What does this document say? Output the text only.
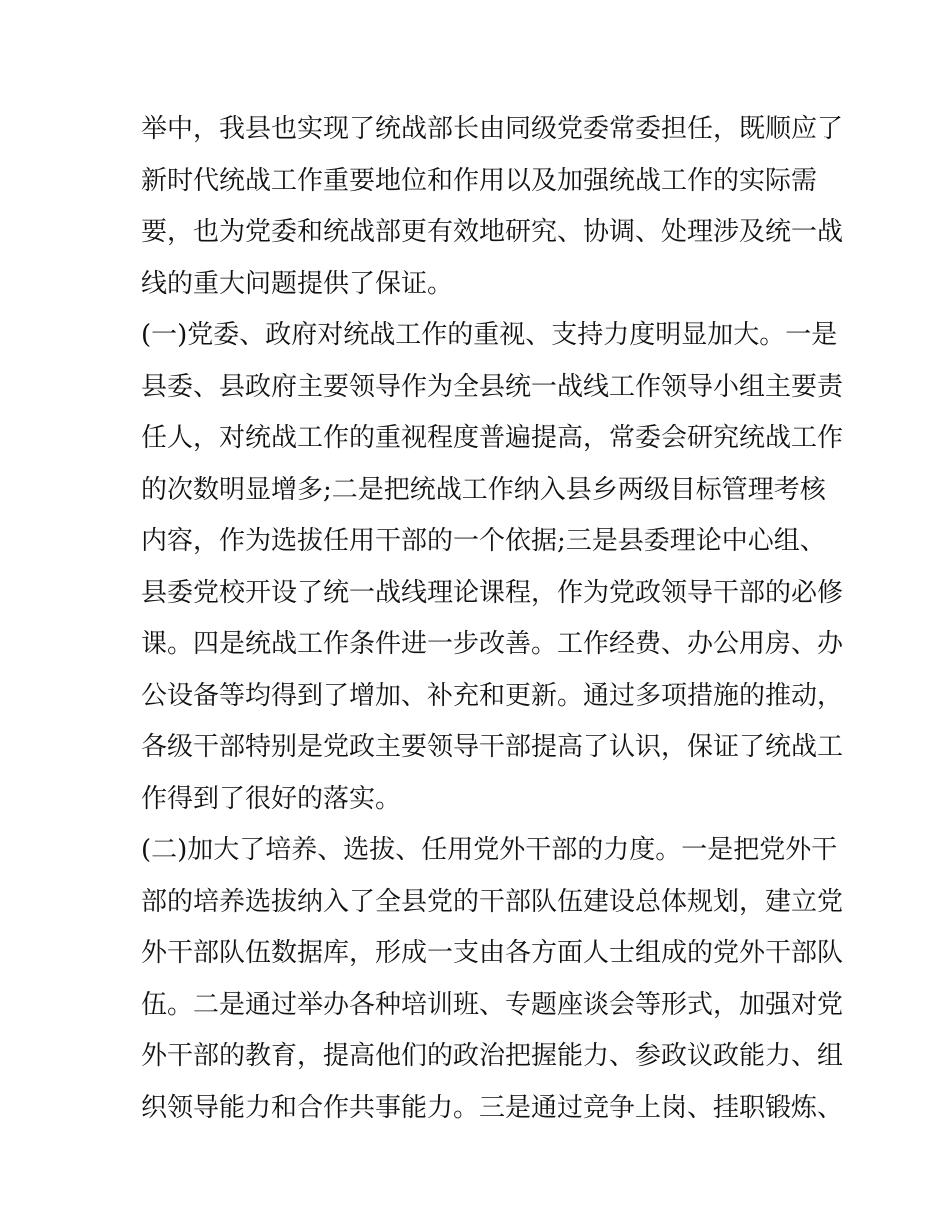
举中，我县也实现了统战部长由同级党委常委担任，既顺应了
新时代统战工作重要地位和作用以及加强统战工作的实际需
要，也为党委和统战部更有效地研究、协调、处理涉及统一战
线的重大问题提供了保证。
(一)党委、政府对统战工作的重视、支持力度明显加大。一是
县委、县政府主要领导作为全县统一战线工作领导小组主要责
任人，对统战工作的重视程度普遍提高，常委会研究统战工作
的次数明显增多;二是把统战工作纳入县乡两级目标管理考核
内容，作为选拔任用干部的一个依据;三是县委理论中心组、
县委党校开设了统一战线理论课程，作为党政领导干部的必修
课。四是统战工作条件进一步改善。工作经费、办公用房、办
公设备等均得到了增加、补充和更新。通过多项措施的推动，
各级干部特别是党政主要领导干部提高了认识，保证了统战工
作得到了很好的落实。
(二)加大了培养、选拔、任用党外干部的力度。一是把党外干
部的培养选拔纳入了全县党的干部队伍建设总体规划，建立党
外干部队伍数据库，形成一支由各方面人士组成的党外干部队
伍。二是通过举办各种培训班、专题座谈会等形式，加强对党
外干部的教育，提高他们的政治把握能力、参政议政能力、组
织领导能力和合作共事能力。三是通过竞争上岗、挂职锻炼、
